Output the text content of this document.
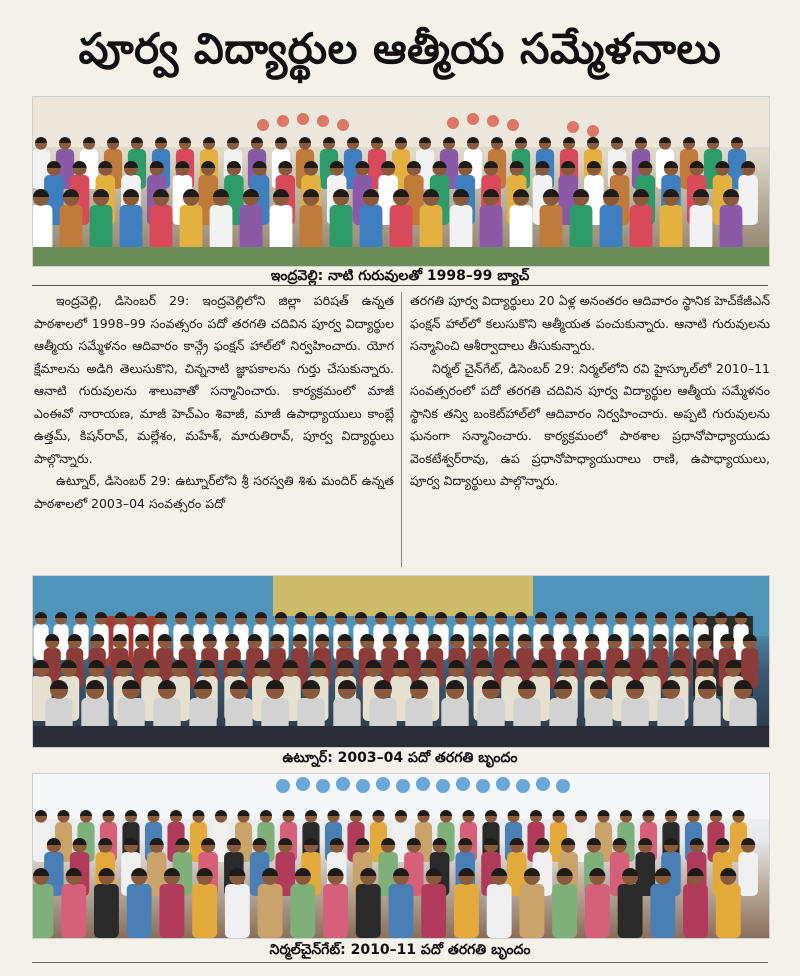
పూర్వ విద్యార్థుల ఆత్మీయ సమ్మేళనాలు
ఇంద్రవెల్లి: నాటి గురువులతో 1998–99 బ్యాచ్

ఇంద్రవెల్లి, డిసెంబర్ 29: ఇంద్రవెల్లిలోని జిల్లా పరిషత్ ఉన్నత పాఠశాలలో 1998–99 సంవత్సరం పదో తరగతి చదివిన పూర్వ విద్యార్థుల ఆత్మీయ సమ్మేళనం ఆదివారం కాన్గ్రే ఫంక్షన్ హాల్‌లో నిర్వహించారు. యోగ క్షేమాలను అడిగి తెలుసుకొని, చిన్ననాటి జ్ఞాపకాలను గుర్తు చేసుకున్నారు. ఆనాటి గురువులను శాలువాతో సన్మానించారు. కార్యక్రమంలో మాజీ ఎంఈవో నారాయణ, మాజీ హెచ్ఎం శివాజీ, మాజీ ఉపాధ్యాయులు కాంబ్లే ఉత్తమ్, కిషన్‌రావ్, మల్లేశం, మహేశ్, మారుతిరావ్, పూర్వ విద్యార్థులు పాల్గొన్నారు.

ఉట్నూర్, డిసెంబర్ 29: ఉట్నూర్‌లోని శ్రీ సరస్వతి శిశు మందిర్ ఉన్నత పాఠశాలలో 2003–04 సంవత్సరం పదో

తరగతి పూర్వ విద్యార్థులు 20 ఏళ్ల అనంతరం ఆదివారం స్థానిక హెచ్‌కేజీఎన్ ఫంక్షన్ హాల్‌లో కలుసుకొని ఆత్మీయత పంచుకున్నారు. ఆనాటి గురువులను సన్మానించి ఆశీర్వాదాలు తీసుకున్నారు.

నిర్మల్ చైన్‌గేట్, డిసెంబర్ 29: నిర్మల్‌లోని రవి హైస్కూల్‌లో 2010–11 సంవత్సరంలో పదో తరగతి చదివిన పూర్వ విద్యార్థుల ఆత్మీయ సమ్మేళనం స్థానిక తన్వి బంకెట్‌హాల్‌లో ఆదివారం నిర్వహించారు. అప్పటి గురువులను ఘనంగా సన్మానించారు. కార్యక్రమంలో పాఠశాల ప్రధానోపాధ్యాయుడు వెంకటేశ్వర్‌రావు, ఉప ప్రధానోపాధ్యాయురాలు రాణి, ఉపాధ్యాయులు, పూర్వ విద్యార్థులు పాల్గొన్నారు.

ఉట్నూర్: 2003–04 పదో తరగతి బృందం
నిర్మల్‌చైన్‌గేట్: 2010–11 పదో తరగతి బృందం
